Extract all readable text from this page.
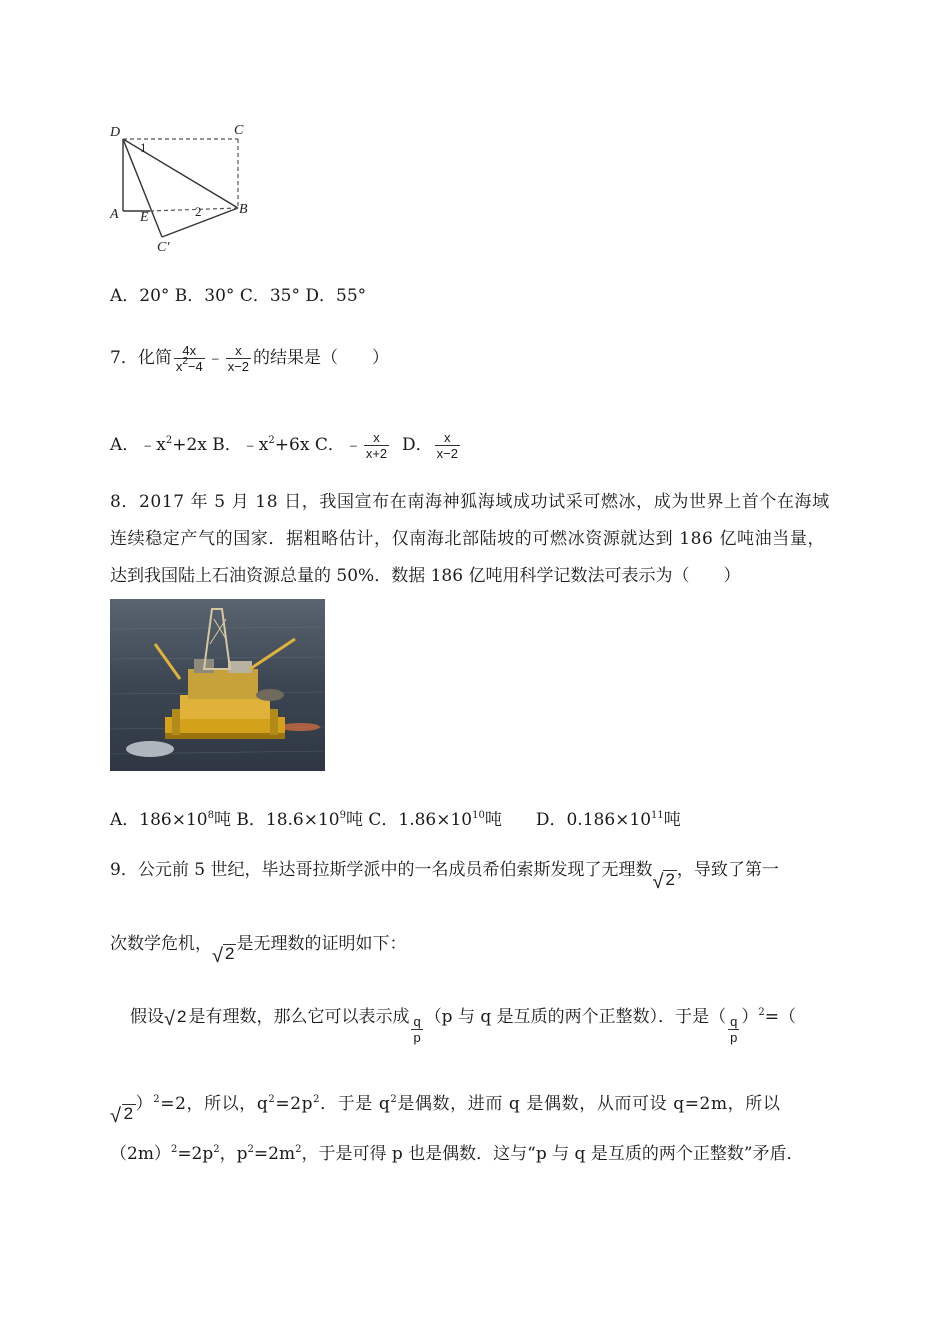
D	C
A E
B
C′
1
2
A．20° B．30° C．35° D．55°
7．化简 $\frac{4x}{x^2-4}$ ﹣ $\frac{x}{x-2}$ 的结果是（　　）
A．$﹣x^2+2x$ B．$﹣x^2+6x$ C．﹣ $\frac{x}{x+2}$ D． $\frac{x}{x-2}$
8．2017 年 5 月 18 日，我国宣布在南海神狐海域成功试采可燃冰，成为世界上首个在海域
连续稳定产气的国家．据粗略估计，仅南海北部陆坡的可燃冰资源就达到 186 亿吨油当量，
达到我国陆上石油资源总量的 50%．数据 186 亿吨用科学记数法可表示为（　　）
A．$186\times 10^8$吨 B．$18.6\times 10^9$吨 C．$1.86\times 10^{10}$吨　　D．$0.186\times 10^{11}$吨
9．公元前 5 世纪，毕达哥拉斯学派中的一名成员希伯索斯发现了无理数√ 2 ，导致了第一
次数学危机，√ 2 是无理数的证明如下：
假设√ 2 是有理数，那么它可以表示成 $\frac{q}{p} (p$ 与 q 是互质的两个正整数）．于是（ $\frac{q}{p} )^2=$（
√ 2 ）$^2$=2，所以，$q^2=2p^2$．于是 $q^2$是偶数，进而 q 是偶数，从而可设 q=2m，所以
$(2m)^2=2p^2$，$p^2=2m^2$，于是可得 p 也是偶数．这与“p 与 q 是互质的两个正整数”矛盾．
